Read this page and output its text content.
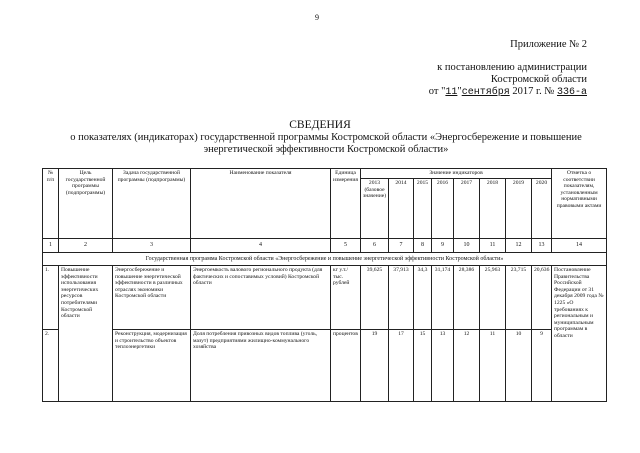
9
Приложение № 2
к постановлению администрации
Костромской области
от "11"сентября 2017 г. № 336-а
СВЕДЕНИЯ
о показателях (индикаторах) государственной программы Костромской области «Энергосбережение и повышение энергетической эффективности Костромской области»
№ п/п	Цель государственной программы (подпрограммы)	Задача государственной программы (подпрограммы)	Наименование показателя	Единица измерения	Значение индикаторов								Отметка о соответствии показателям, установленным нормативными правовыми актами
					2013 (базовое значение)	2014	2015	2016	2017	2018	2019	2020	
1	2	3	4	5	6	7	8	9	10	11	12	13	14
Государственная программа Костромской области «Энергосбережение и повышение энергетической эффективности Костромской области»													
1.	Повышение эффективности использования энергетических ресурсов потребителями Костромской области	Энергосбережение и повышение энергетической эффективности в различных отраслях экономики Костромской области	Энергоемкость валового регионального продукта (для фактических и сопоставимых условий) Костромской области	кг у.т./тыс. рублей	39,625	37,913	34,3	31,174	28,386	25,963	23,715	20,636	Постановление Правительства Российской Федерации от 31 декабря 2009 года № 1225 «О требованиях к региональным и муниципальным программам в области
2.		Реконструкция, модернизация и строительство объектов теплоэнергетики	Доля потребления привозных видов топлива (уголь, мазут) предприятиями жилищно-коммунального хозяйства	процентов	19	17	15	13	12	11	10	9	
